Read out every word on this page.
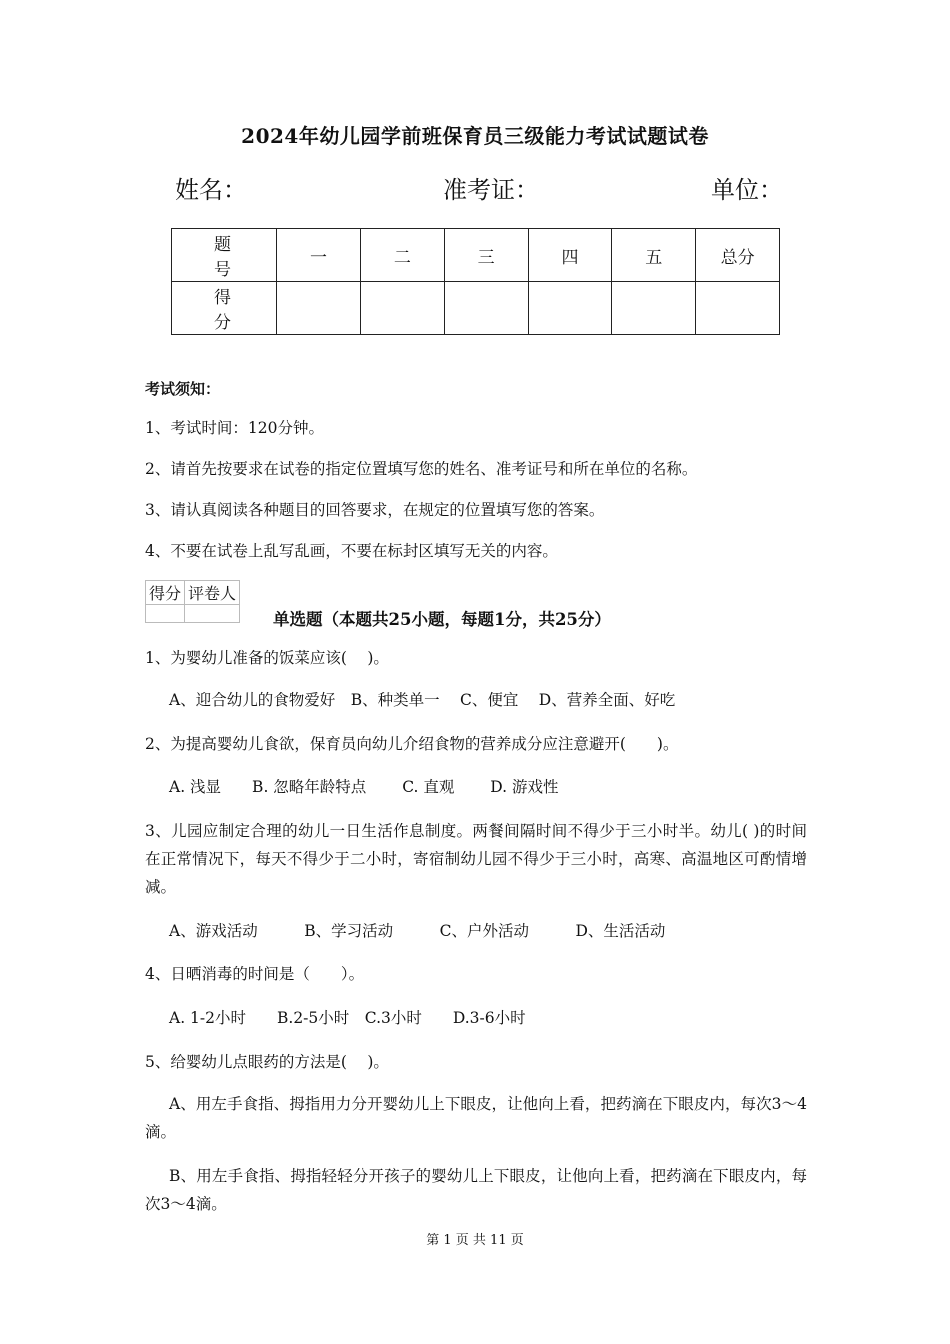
2024年幼儿园学前班保育员三级能力考试试题试卷
姓名：	准考证：	单位：
题　号	一	二	三	四	五	总分
得　分						
考试须知：
1、考试时间：120分钟。
2、请首先按要求在试卷的指定位置填写您的姓名、准考证号和所在单位的名称。
3、请认真阅读各种题目的回答要求，在规定的位置填写您的答案。
4、不要在试卷上乱写乱画，不要在标封区填写无关的内容。
得分	评卷人

单选题（本题共25小题，每题1分，共25分）
1、为婴幼儿准备的饭菜应该(　 )。
A、迎合幼儿的食物爱好　B、种类单一　 C、便宜　 D、营养全面、好吃
2、为提高婴幼儿食欲，保育员向幼儿介绍食物的营养成分应注意避开(　　)。
A. 浅显　　B. 忽略年龄特点　　 C. 直观　　 D. 游戏性
3、儿园应制定合理的幼儿一日生活作息制度。两餐间隔时间不得少于三小时半。幼儿( )的时间在正常情况下，每天不得少于二小时，寄宿制幼儿园不得少于三小时，高寒、高温地区可酌情增减。
A、游戏活动　　　B、学习活动　　　C、户外活动　　　D、生活活动
4、日晒消毒的时间是（　　）。
A. 1-2小时　　B.2-5小时　C.3小时　　D.3-6小时
5、给婴幼儿点眼药的方法是(　 )。
A、用左手食指、拇指用力分开婴幼儿上下眼皮，让他向上看，把药滴在下眼皮内，每次3～4滴。
B、用左手食指、拇指轻轻分开孩子的婴幼儿上下眼皮，让他向上看，把药滴在下眼皮内，每次3～4滴。
第 1 页 共 11 页
